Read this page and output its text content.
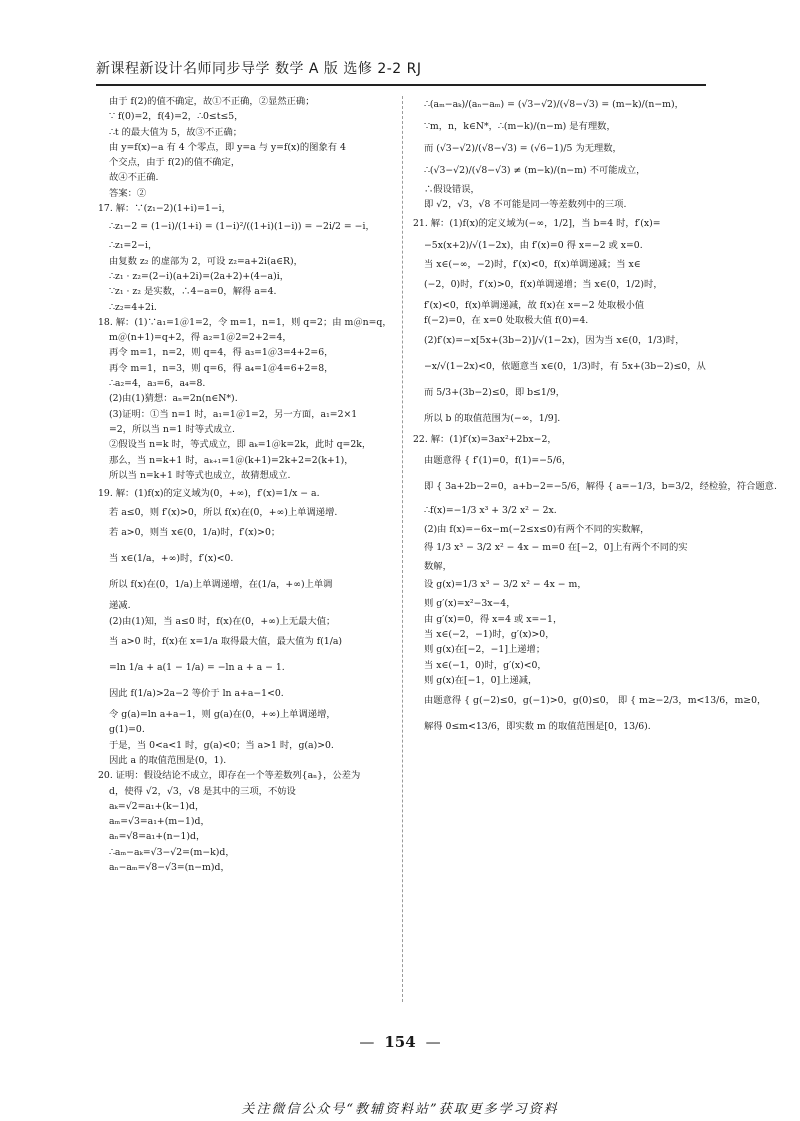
新课程新设计名师同步导学 数学 A 版 选修 2-2 RJ
由于 f(2)的值不确定，故①不正确，②显然正确；
∵ f(0)=2，f(4)=2，∴0≤t≤5，
∴t 的最大值为 5，故③不正确；
由 y=f(x)−a 有 4 个零点，即 y=a 与 y=f(x)的图象有 4
个交点，由于 f(2)的值不确定，
故④不正确.
答案：②
17. 解：∵(z₁−2)(1+i)=1−i，
∴z₁−2 = (1−i)/(1+i) = (1−i)²/((1+i)(1−i)) = −2i/2 = −i，
∴z₁=2−i，
由复数 z₂ 的虚部为 2，可设 z₂=a+2i(a∈R)，
∴z₁ · z₂=(2−i)(a+2i)=(2a+2)+(4−a)i，
∵z₁ · z₂ 是实数，∴4−a=0，解得 a=4.
∴z₂=4+2i.
18. 解：(1)∵a₁=1＠1=2，令 m=1，n=1，则 q=2；由 m＠n=q，
m＠(n+1)=q+2，得 a₂=1＠2=2+2=4，
再令 m=1，n=2，则 q=4，得 a₃=1＠3=4+2=6，
再令 m=1，n=3，则 q=6，得 a₄=1＠4=6+2=8，
∴a₂=4，a₃=6，a₄=8.
(2)由(1)猜想：aₙ=2n(n∈N*).
(3)证明：①当 n=1 时，a₁=1＠1=2，另一方面，a₁=2×1
=2，所以当 n=1 时等式成立.
②假设当 n=k 时，等式成立，即 aₖ=1＠k=2k，此时 q=2k，
那么，当 n=k+1 时，aₖ₊₁=1＠(k+1)=2k+2=2(k+1)，
所以当 n=k+1 时等式也成立，故猜想成立.
19. 解：(1)f(x)的定义域为(0，+∞)，f′(x)=1/x − a.
若 a≤0，则 f′(x)>0，所以 f(x)在(0，+∞)上单调递增.
若 a>0，则当 x∈(0，1/a)时，f′(x)>0；
当 x∈(1/a，+∞)时，f′(x)<0.
所以 f(x)在(0，1/a)上单调递增，在(1/a，+∞)上单调
递减.
(2)由(1)知，当 a≤0 时，f(x)在(0，+∞)上无最大值；
当 a>0 时，f(x)在 x=1/a 取得最大值，最大值为 f(1/a)
=ln 1/a + a(1 − 1/a) = −ln a + a − 1.
因此 f(1/a)>2a−2 等价于 ln a+a−1<0.
令 g(a)=ln a+a−1，则 g(a)在(0，+∞)上单调递增，
g(1)=0.
于是，当 0<a<1 时，g(a)<0；当 a>1 时，g(a)>0.
因此 a 的取值范围是(0，1).
20. 证明：假设结论不成立，即存在一个等差数列{aₙ}，公差为
d，使得 √2，√3，√8 是其中的三项，不妨设
aₖ=√2=a₁+(k−1)d，
aₘ=√3=a₁+(m−1)d，
aₙ=√8=a₁+(n−1)d，
∴aₘ−aₖ=√3−√2=(m−k)d，
aₙ−aₘ=√8−√3=(n−m)d，
∴(aₘ−aₖ)/(aₙ−aₘ) = (√3−√2)/(√8−√3) = (m−k)/(n−m)，
∵m，n，k∈N*，∴(m−k)/(n−m) 是有理数，
而 (√3−√2)/(√8−√3) = (√6−1)/5 为无理数，
∴(√3−√2)/(√8−√3) ≠ (m−k)/(n−m) 不可能成立，
∴假设错误，
即 √2，√3，√8 不可能是同一等差数列中的三项.
21. 解：(1)f(x)的定义域为(−∞，1/2]，当 b=4 时，f′(x)=
−5x(x+2)/√(1−2x)，由 f′(x)=0 得 x=−2 或 x=0.
当 x∈(−∞，−2)时，f′(x)<0，f(x)单调递减；当 x∈
(−2，0)时，f′(x)>0，f(x)单调递增；当 x∈(0，1/2)时，
f′(x)<0，f(x)单调递减，故 f(x)在 x=−2 处取极小值
f(−2)=0，在 x=0 处取极大值 f(0)=4.
(2)f′(x)=−x[5x+(3b−2)]/√(1−2x)，因为当 x∈(0，1/3)时，
−x/√(1−2x)<0，依题意当 x∈(0，1/3)时，有 5x+(3b−2)≤0，从
而 5/3+(3b−2)≤0，即 b≤1/9，
所以 b 的取值范围为(−∞，1/9].
22. 解：(1)f′(x)=3ax²+2bx−2，
由题意得 { f′(1)=0，f(1)=−5/6，
即 { 3a+2b−2=0，a+b−2=−5/6，解得 { a=−1/3，b=3/2，经检验，符合题意.
∴f(x)=−1/3 x³ + 3/2 x² − 2x.
(2)由 f(x)=−6x−m(−2≤x≤0)有两个不同的实数解，
得 1/3 x³ − 3/2 x² − 4x − m=0 在[−2，0]上有两个不同的实
数解，
设 g(x)=1/3 x³ − 3/2 x² − 4x − m，
则 g′(x)=x²−3x−4，
由 g′(x)=0，得 x=4 或 x=−1，
当 x∈(−2，−1)时，g′(x)>0，
则 g(x)在[−2，−1]上递增；
当 x∈(−1，0)时，g′(x)<0，
则 g(x)在[−1，0]上递减，
由题意得 { g(−2)≤0，g(−1)>0，g(0)≤0， 即 { m≥−2/3，m<13/6，m≥0，
解得 0≤m<13/6，即实数 m 的取值范围是[0，13/6).
— 154 —
关注微信公众号“教辅资料站”获取更多学习资料
